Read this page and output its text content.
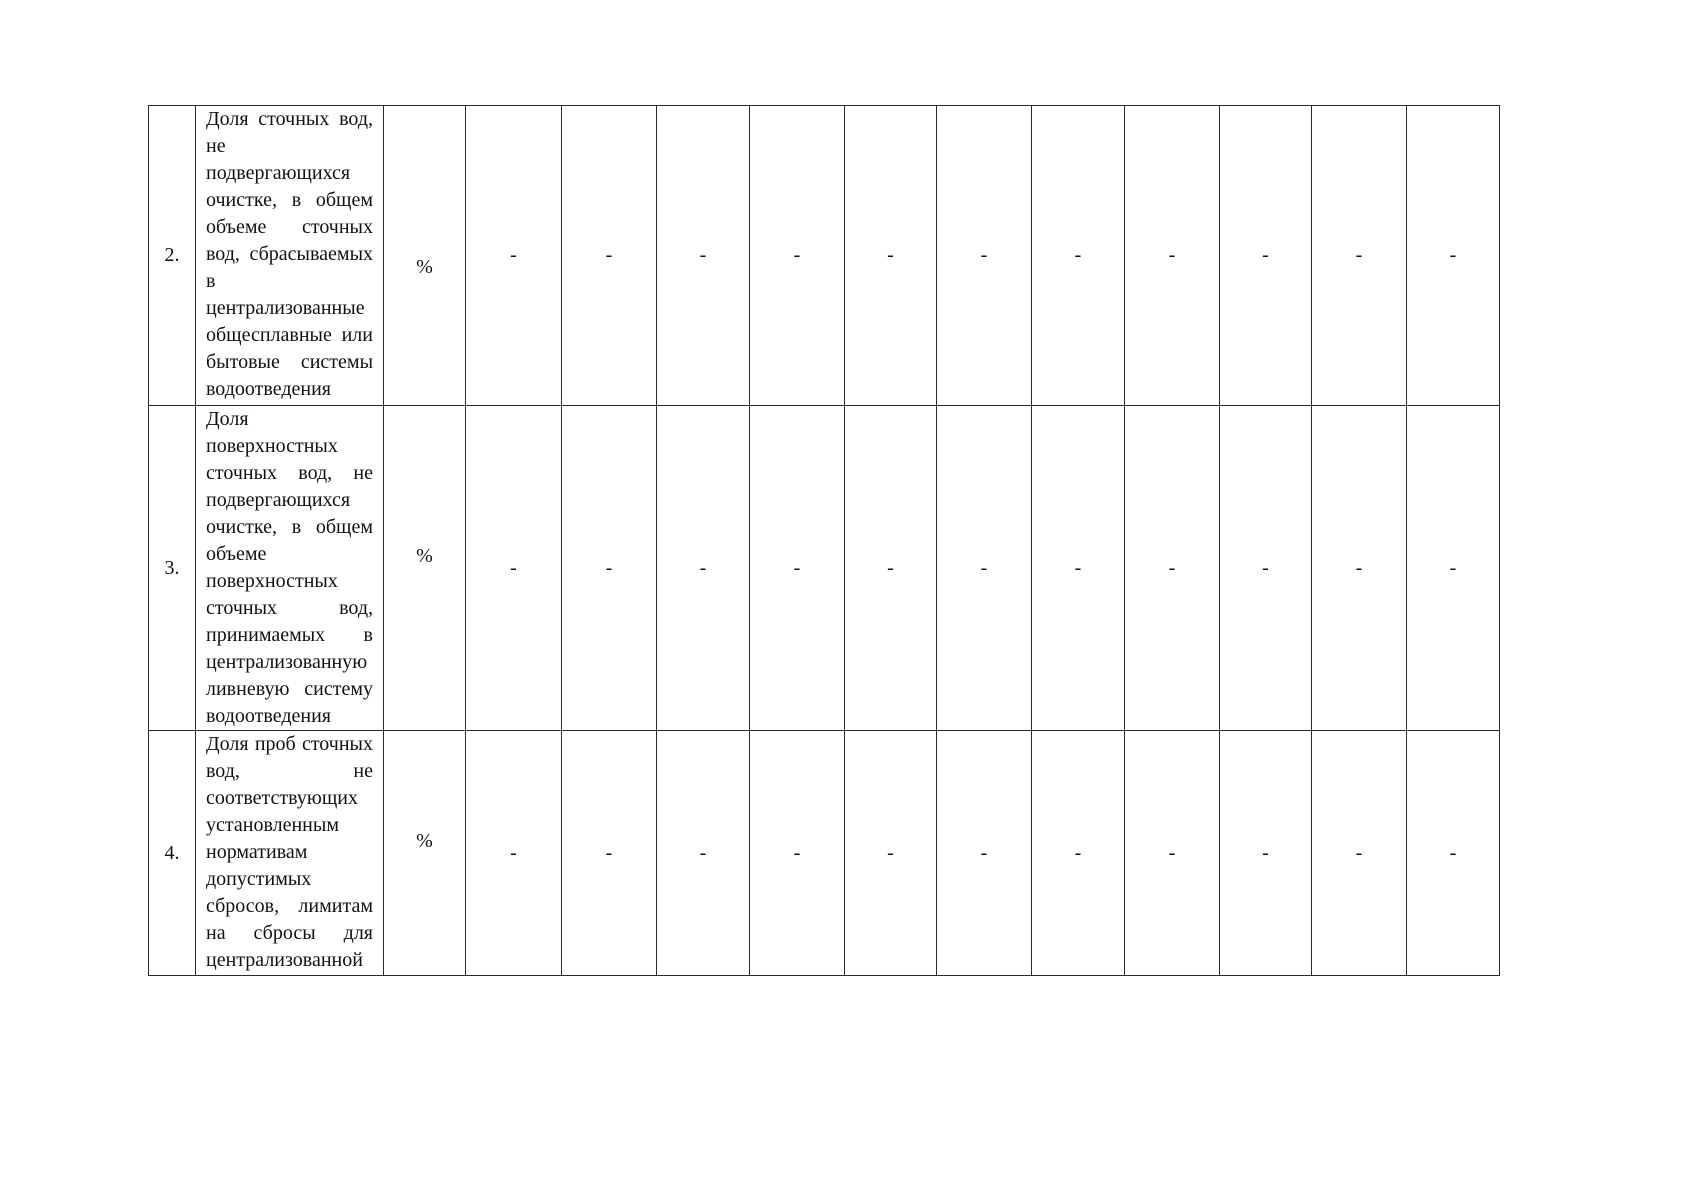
2.	Доля сточных вод, не подвергающихся очистке, в общем объеме сточных вод, сбрасываемых в централизованные общесплавные или бытовые системы водоотведения	%	-	-	-	-	-	-	-	-	-	-	-
3.	Доля поверхностных сточных вод, не подвергающихся очистке, в общем объеме поверхностных сточных вод, принимаемых в централизованную ливневую систему водоотведения	%	-	-	-	-	-	-	-	-	-	-	-
4.	Доля проб сточных вод, не соответствующих установленным нормативам допустимых сбросов, лимитам на сбросы для централизованной	%	-	-	-	-	-	-	-	-	-	-	-
